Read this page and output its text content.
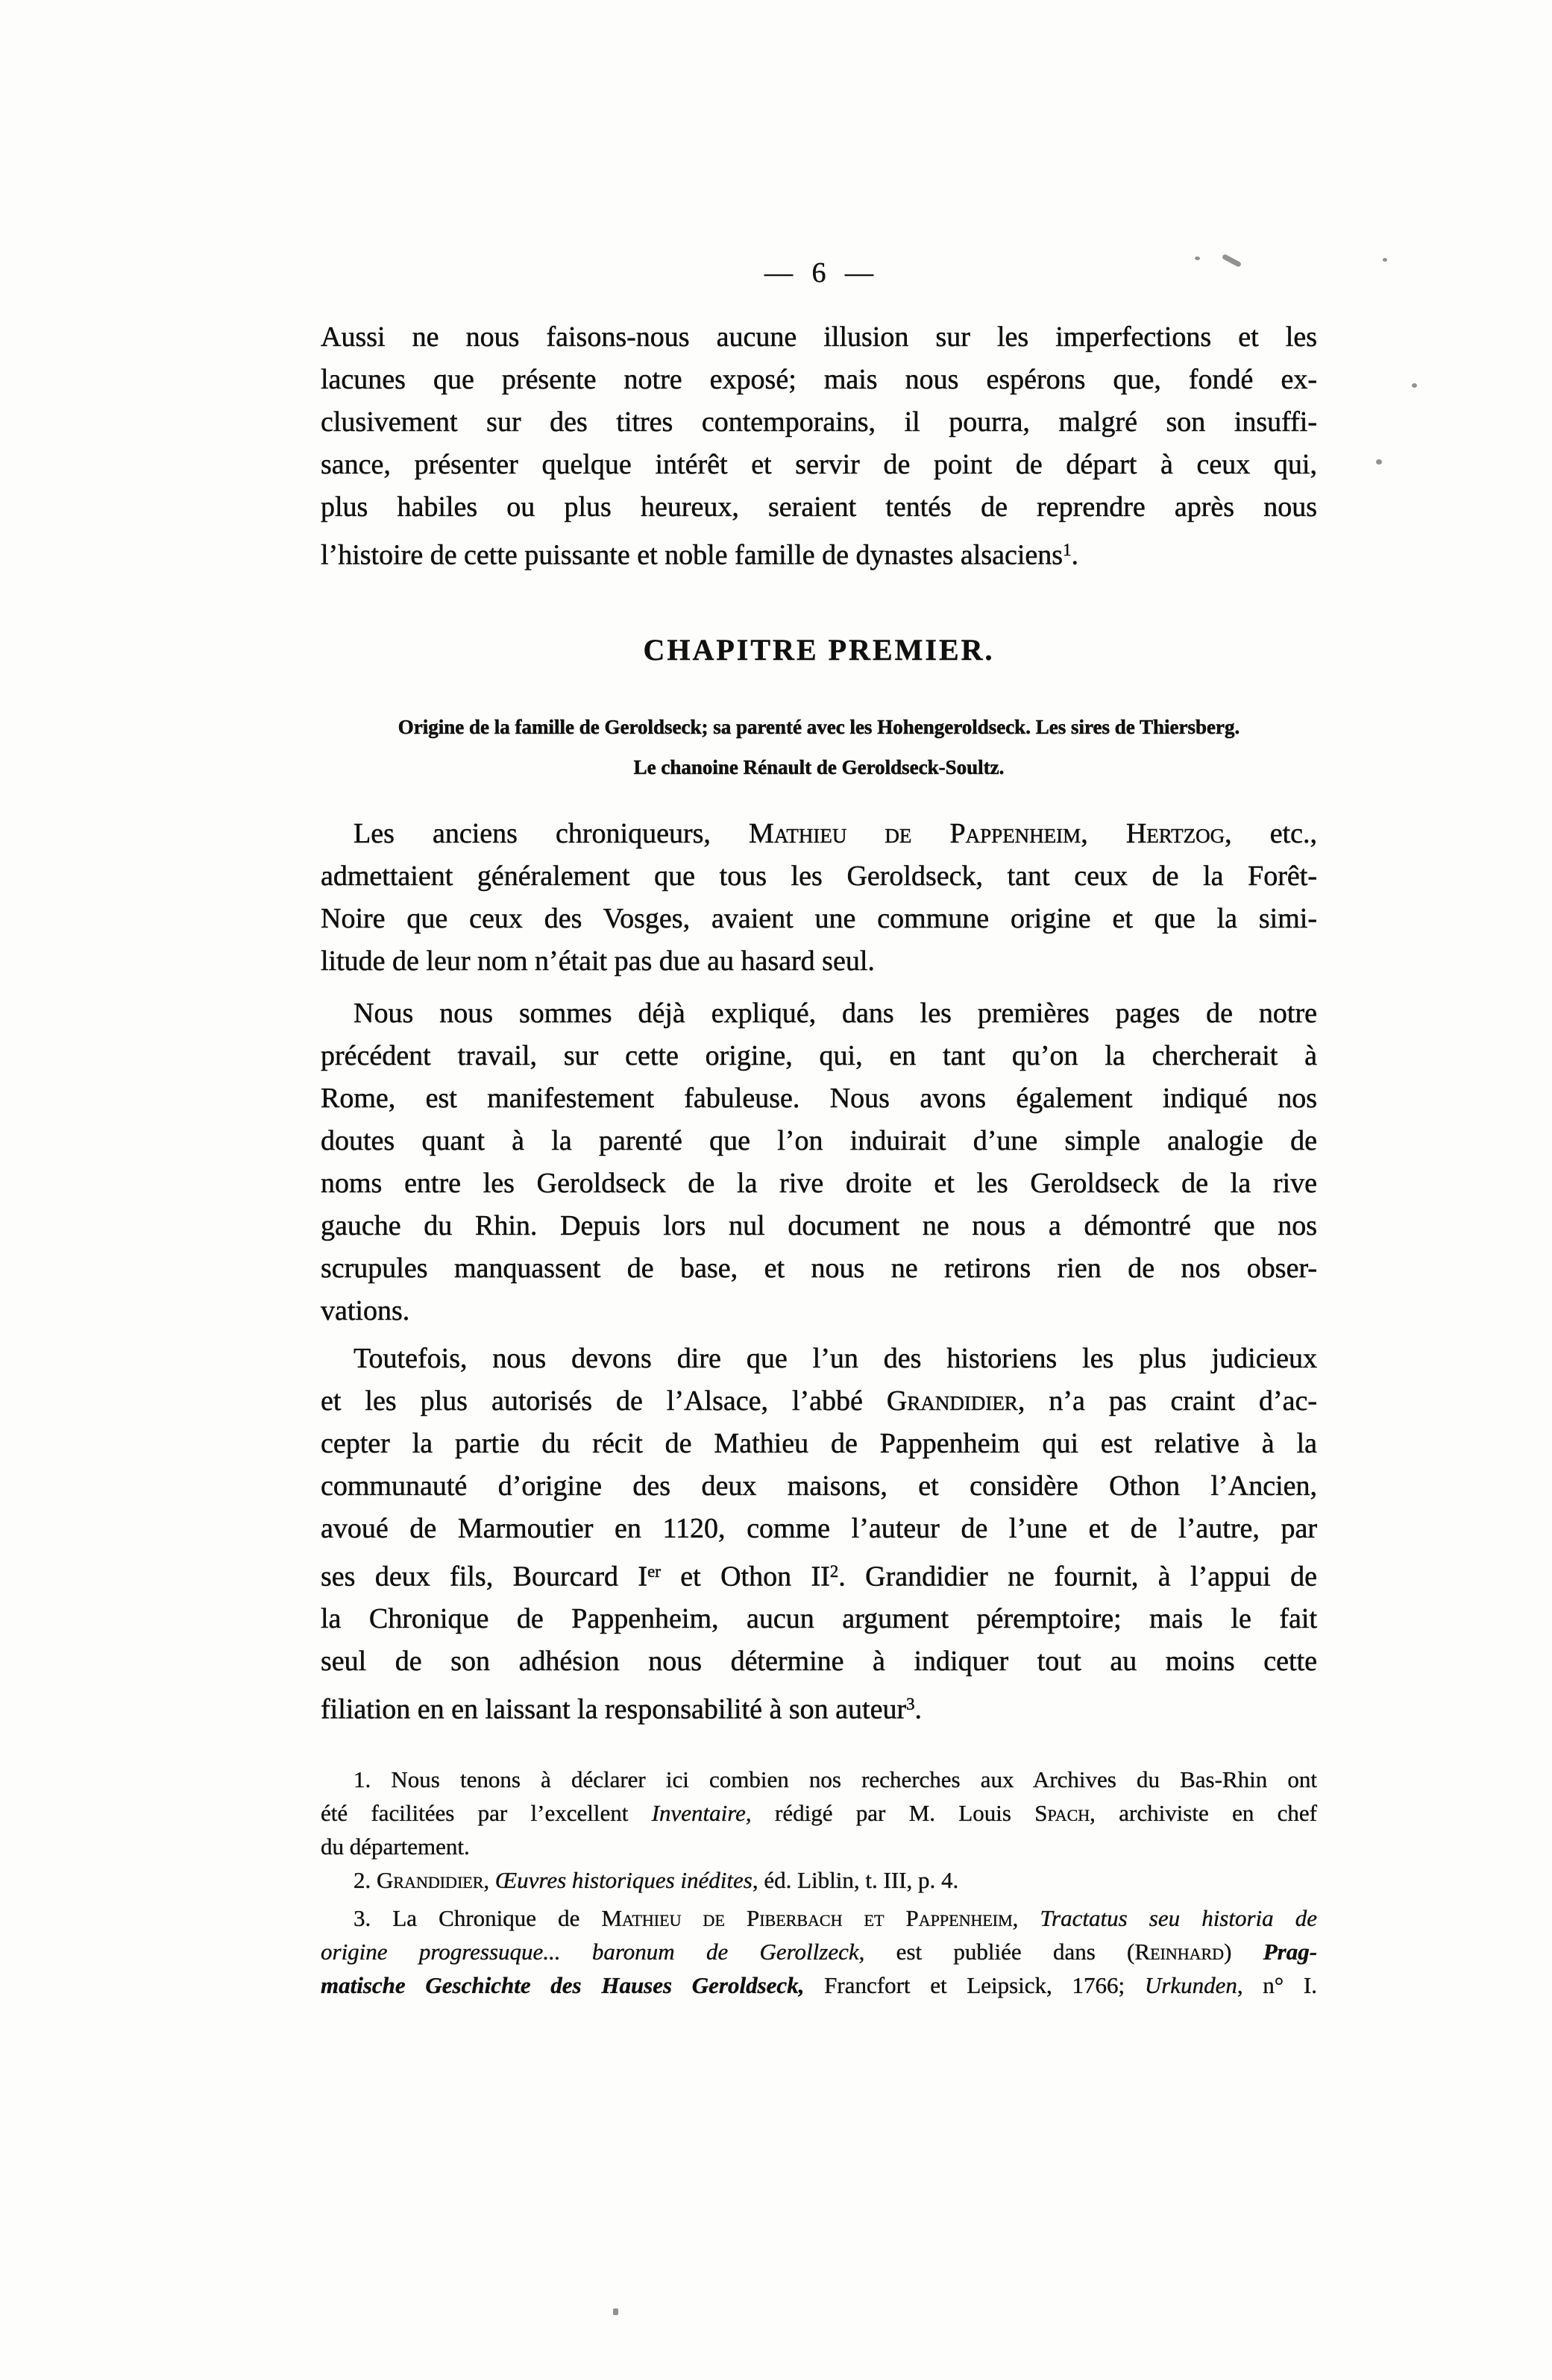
— 6 —
Aussi ne nous faisons-nous aucune illusion sur les imperfections et les
lacunes que présente notre exposé; mais nous espérons que, fondé ex-
clusivement sur des titres contemporains, il pourra, malgré son insuffi-
sance, présenter quelque intérêt et servir de point de départ à ceux qui,
plus habiles ou plus heureux, seraient tentés de reprendre après nous
l’histoire de cette puissante et noble famille de dynastes alsaciens$^1$.
CHAPITRE PREMIER.
Origine de la famille de Geroldseck; sa parenté avec les Hohengeroldseck. Les sires de Thiersberg.
Le chanoine Rénault de Geroldseck-Soultz.
Les anciens chroniqueurs, Mathieu de Pappenheim, Hertzog, etc.,
admettaient généralement que tous les Geroldseck, tant ceux de la Forêt-
Noire que ceux des Vosges, avaient une commune origine et que la simi-
litude de leur nom n’était pas due au hasard seul.
Nous nous sommes déjà expliqué, dans les premières pages de notre
précédent travail, sur cette origine, qui, en tant qu’on la chercherait à
Rome, est manifestement fabuleuse. Nous avons également indiqué nos
doutes quant à la parenté que l’on induirait d’une simple analogie de
noms entre les Geroldseck de la rive droite et les Geroldseck de la rive
gauche du Rhin. Depuis lors nul document ne nous a démontré que nos
scrupules manquassent de base, et nous ne retirons rien de nos obser-
vations.
Toutefois, nous devons dire que l’un des historiens les plus judicieux
et les plus autorisés de l’Alsace, l’abbé Grandidier, n’a pas craint d’ac-
cepter la partie du récit de Mathieu de Pappenheim qui est relative à la
communauté d’origine des deux maisons, et considère Othon l’Ancien,
avoué de Marmoutier en 1120, comme l’auteur de l’une et de l’autre, par
ses deux fils, Bourcard Ier et Othon $II^2$. Grandidier ne fournit, à l’appui de
la Chronique de Pappenheim, aucun argument péremptoire; mais le fait
seul de son adhésion nous détermine à indiquer tout au moins cette
filiation en en laissant la responsabilité à son auteur$^3$.
1. Nous tenons à déclarer ici combien nos recherches aux Archives du Bas-Rhin ont
été facilitées par l’excellent Inventaire, rédigé par M. Louis Spach, archiviste en chef
du département.
2. Grandidier, Œuvres historiques inédites, éd. Liblin, t. III, p. 4.
3. La Chronique de Mathieu de Piberbach et Pappenheim, Tractatus seu historia de
origine progressuque... baronum de Gerollzeck, est publiée dans (Reinhard) Prag-
matische Geschichte des Hauses Geroldseck, Francfort et Leipsick, 1766; Urkunden, n° I.
